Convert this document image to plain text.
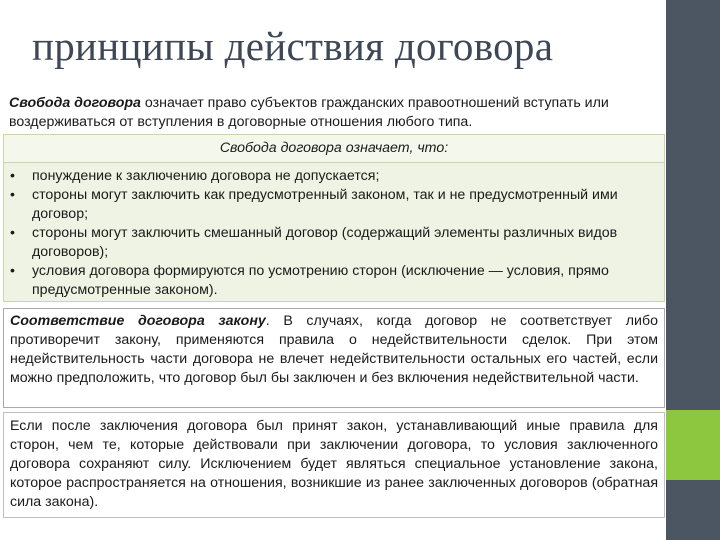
принципы действия договора
Свобода договора означает право субъектов гражданских правоотношений вступать или воздерживаться от вступления в договорные отношения любого типа.
Свобода договора означает, что:
• понуждение к заключению договора не допускается;
• стороны могут заключить как предусмотренный законом, так и не предусмотренный ими договор;
• стороны могут заключить смешанный договор (содержащий элементы различных видов договоров);
• условия договора формируются по усмотрению сторон (исключение — условия, прямо предусмотренные законом).
Соответствие договора закону. В случаях, когда договор не соответствует либо противоречит закону, применяются правила о недействительности сделок. При этом недействительность части договора не влечет недействительности остальных его частей, если можно предположить, что договор был бы заключен и без включения недействительной части.
Если после заключения договора был принят закон, устанавливающий иные правила для сторон, чем те, которые действовали при заключении договора, то условия заключенного договора сохраняют силу. Исключением будет являться специальное установление закона, которое распространяется на отношения, возникшие из ранее заключенных договоров (обратная сила закона).
